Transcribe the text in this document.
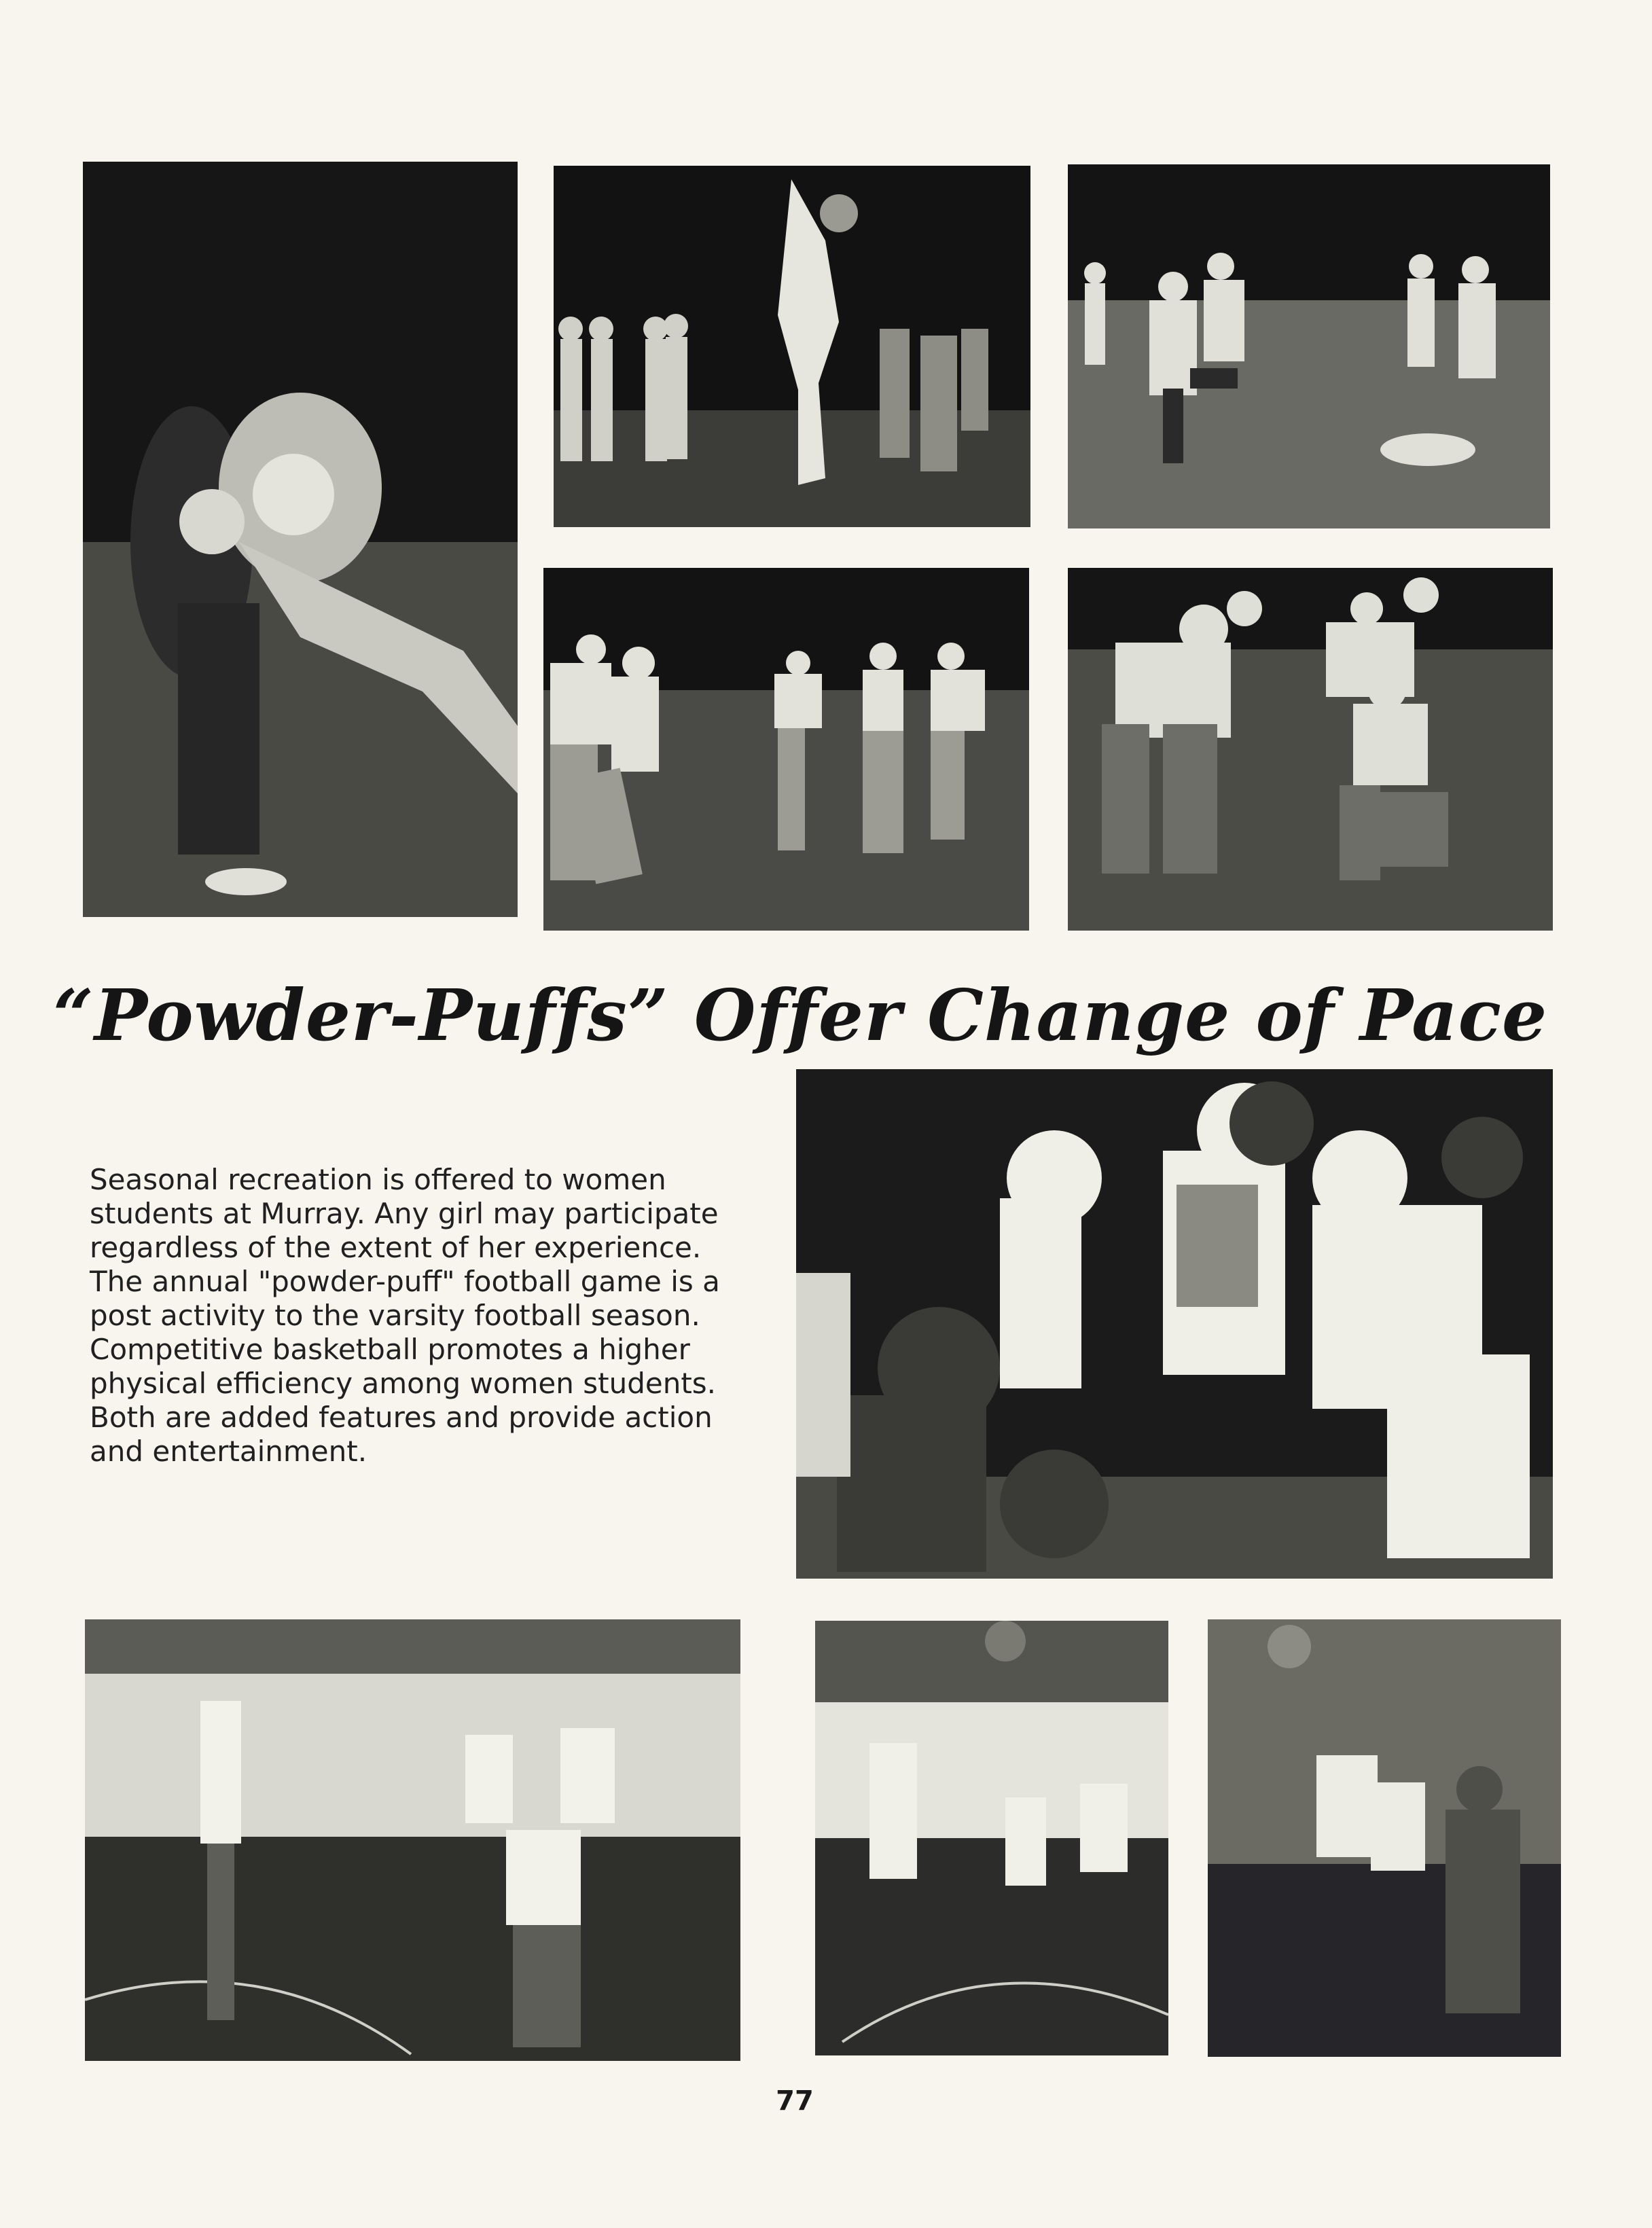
“Powder-Puffs” Offer Change of Pace

Seasonal recreation is offered to women students at Murray. Any girl may participate regardless of the extent of her experience. The annual "powder-puff" football game is a post activity to the varsity football season. Competitive basketball promotes a higher physical efficiency among women students. Both are added features and provide action and entertainment.

77
